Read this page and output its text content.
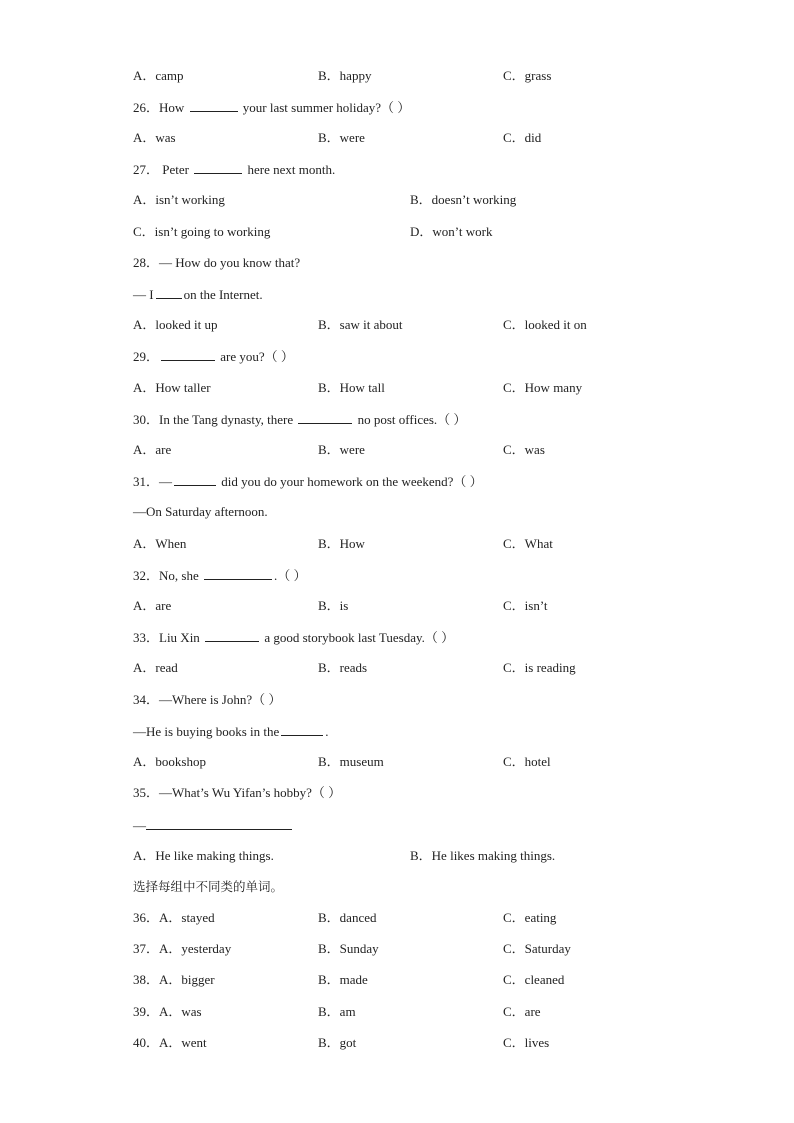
A．camp	B．happy	C．grass
26．How	your last summer holiday?（ ）
A．was	B．were	C．did
27． Peter	here next month.
A．isn’t working	B．doesn’t working
C．isn’t going to working	D．won’t work
28．— How do you know that?
— I on the Internet.
A．looked it up	B．saw it about	C．looked it on
29．	are you?（ ）
A．How taller	B．How tall	C．How many
30．In the Tang dynasty, there	no post offices.（ ）
A．are	B．were	C．was
31．—	did you do your homework on the weekend?（ ）
—On Saturday afternoon.
A．When	B．How	C．What
32．No, she	.（ ）
A．are	B．is	C．isn’t
33．Liu Xin	a good storybook last Tuesday.（ ）
A．read	B．reads	C．is reading
34．—Where is John?（ ）
—He is buying books in the	.
A．bookshop	B．museum	C．hotel
35．—What’s Wu Yifan’s hobby?（ ）
—
A．He like making things.	B．He likes making things.
选择每组中不同类的单词。
36．A．stayed	B．danced	C．eating
37．A．yesterday	B．Sunday	C．Saturday
38．A．bigger	B．made	C．cleaned
39．A．was	B．am	C．are
40．A．went	B．got	C．lives
